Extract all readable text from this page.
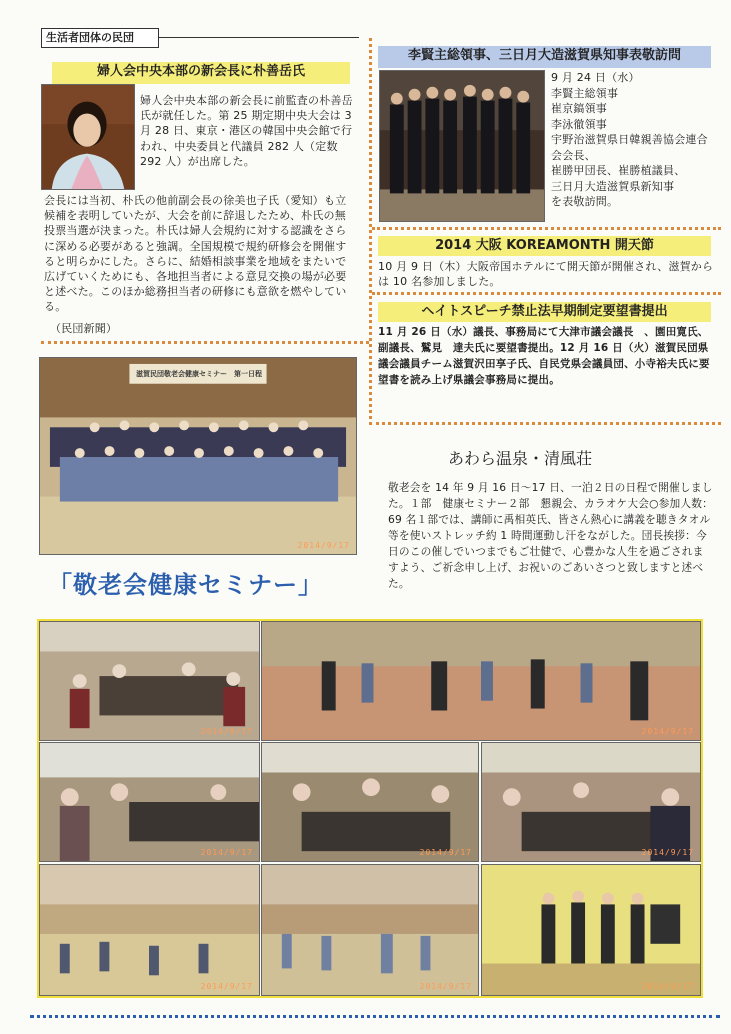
生活者団体の民団
婦人会中央本部の新会長に朴善岳氏
婦人会中央本部の新会長に前監査の朴善岳氏が就任した。第 25 期定期中央大会は 3 月 28 日、東京・港区の韓国中央会館で行われ、中央委員と代議員 282 人（定数 292 人）が出席した。
会長には当初、朴氏の他前副会長の徐美也子氏（愛知）も立候補を表明していたが、大会を前に辞退したため、朴氏の無投票当選が決まった。朴氏は婦人会規約に対する認識をさらに深める必要があると強調。全国規模で規約研修会を開催すると明らかにした。さらに、結婚相談事業を地域をまたいで広げていくためにも、各地担当者による意見交換の場が必要と述べた。このほか総務担当者の研修にも意欲を燃やしている。
（民団新聞）
李賢主総領事、三日月大造滋賀県知事表敬訪問
9 月 24 日（水）
李賢主総領事
崔京鎬領事
李泳徹領事
宇野治滋賀県日韓親善協会連合会会長、
崔勝甲団長、崔勝植議員、
三日月大造滋賀県新知事
を表敬訪問。
2014 大阪 KOREAMONTH 開天節
10 月 9 日（木）大阪帝国ホテルにて開天節が開催され、滋賀からは 10 名参加しました。
ヘイトスピーチ禁止法早期制定要望書提出
11 月 26 日（水）議長、事務局にて大津市議会議長　、園田寛氏、副議長、鷲見　達夫氏に要望書提出。12 月 16 日（火）滋賀民団県議会議員チーム滋賀沢田享子氏、自民党県会議員団、小寺裕夫氏に要望書を読み上げ県議会事務局に提出。
滋賀民団敬老会健康セミナー　第一日程
2014/9/17
「敬老会健康セミナー」
あわら温泉・清風荘
敬老会を 14 年 9 月 16 日～17 日、一泊２日の日程で開催しました。１部　健康セミナー２部　懇親会、カラオケ大会○参加人数：69 名１部では、講師に禹相英氏、皆さん熱心に講義を聴きタオル等を使いストレッチ約 1 時間運動し汗をながした。団長挨拶：今日のこの催しでいつまでもご壮健で、心豊かな人生を過ごされますよう、ご祈念申し上げ、お祝いのごあいさつと致しますと述べた。
2014/9/17	2014/9/17
2014/9/17	2014/9/17	2014/9/17
2014/9/17	2014/9/17	2014/9/17
